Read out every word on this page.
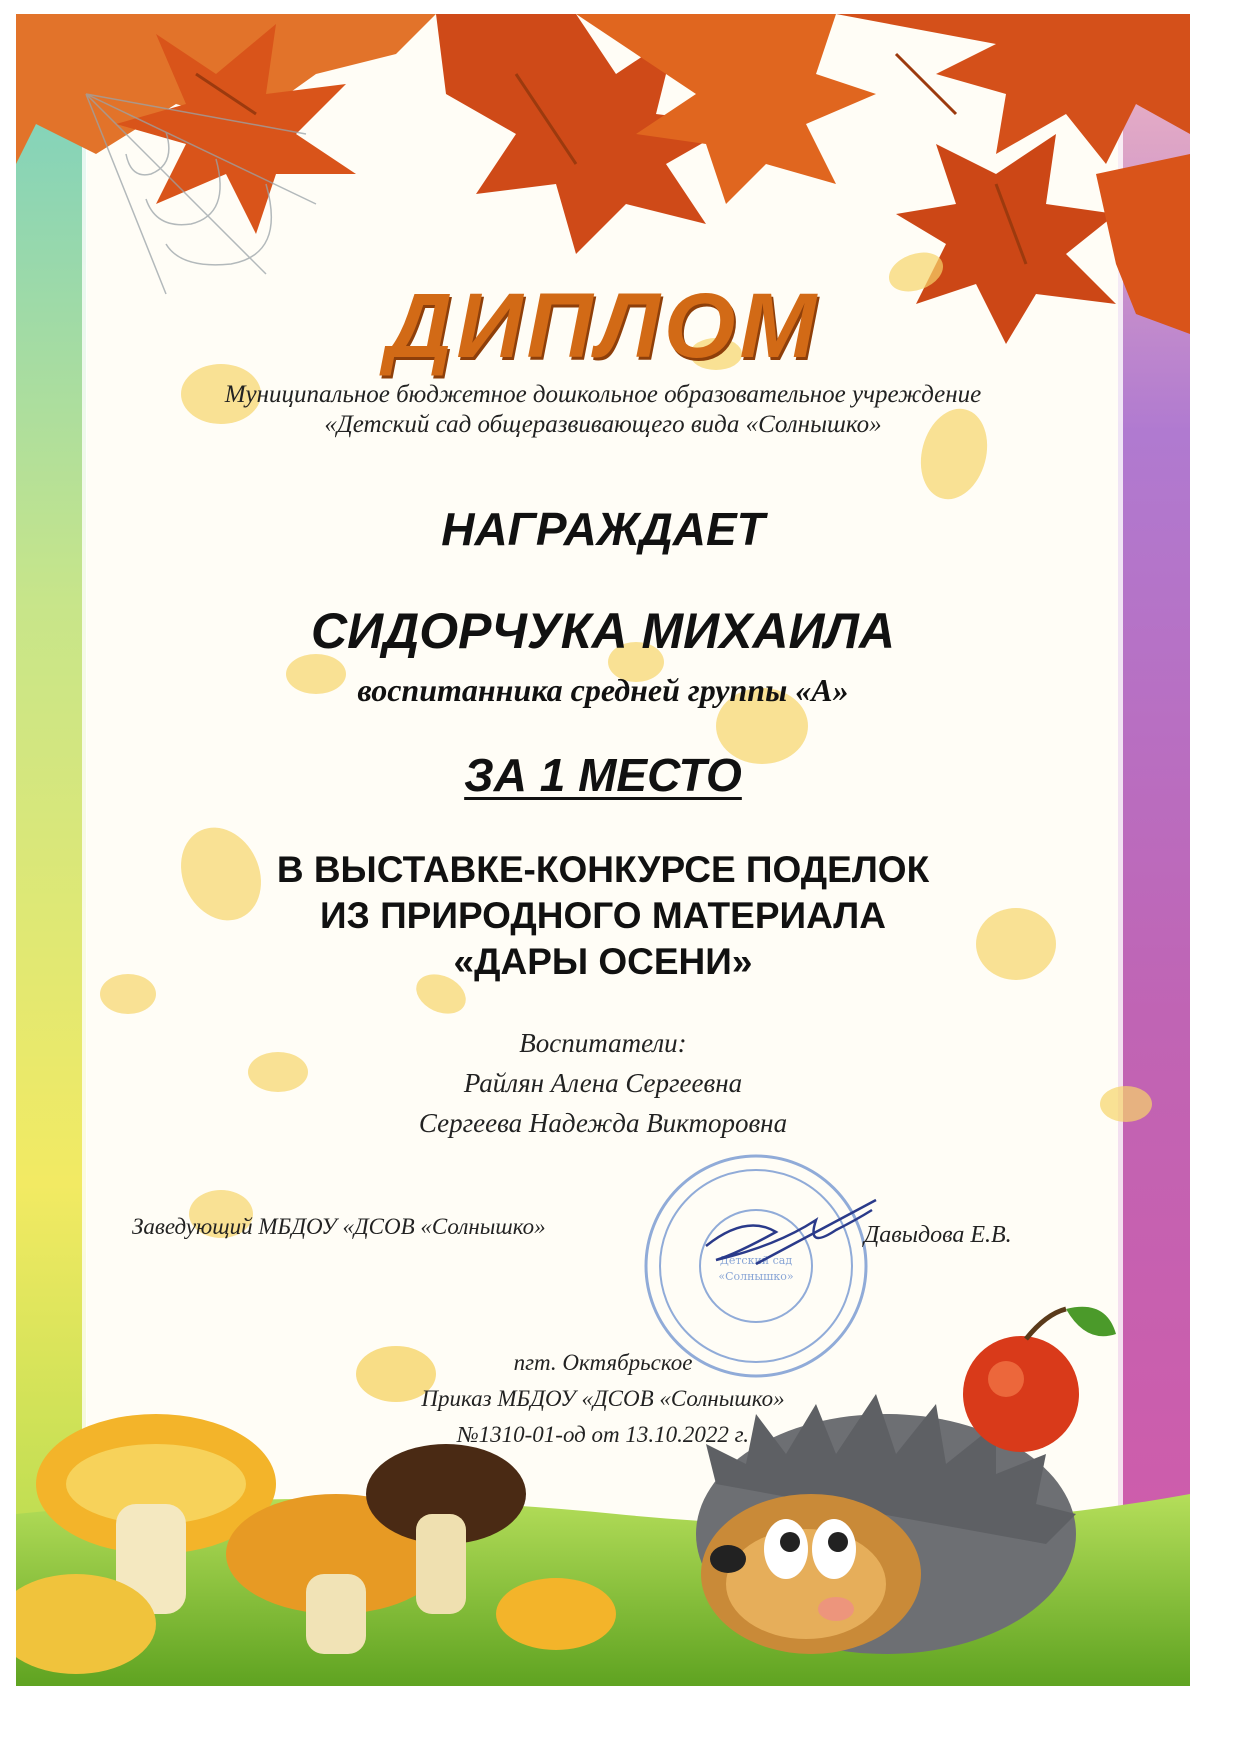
Детский сад
«Солнышко»
ДИПЛОМ
Муниципальное бюджетное дошкольное образовательное учреждение
«Детский сад общеразвивающего вида «Солнышко»
НАГРАЖДАЕТ
СИДОРЧУКА МИХАИЛА
воспитанника средней группы «А»
ЗА 1 МЕСТО
В ВЫСТАВКЕ-КОНКУРСЕ ПОДЕЛОК
ИЗ ПРИРОДНОГО МАТЕРИАЛА
«ДАРЫ ОСЕНИ»
Воспитатели:
Райлян Алена Сергеевна
Сергеева Надежда Викторовна
Заведующий МБДОУ «ДСОВ «Солнышко»	Давыдова Е.В.
пгт. Октябрьское
Приказ МБДОУ «ДСОВ «Солнышко»
№1310-01-од от 13.10.2022 г.
